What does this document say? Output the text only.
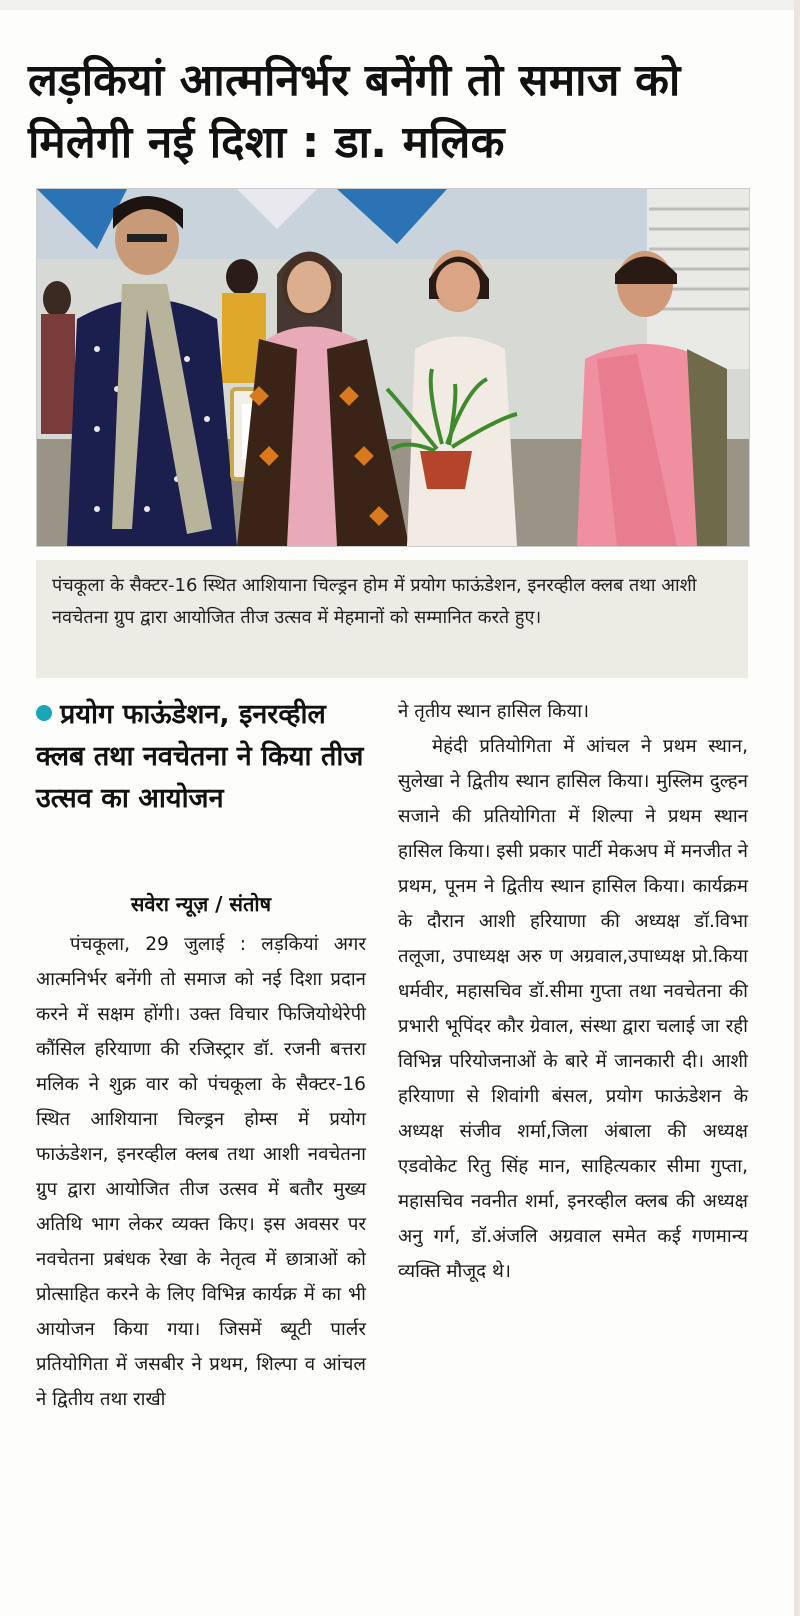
लड़कियां आत्मनिर्भर बनेंगी तो समाज को मिलेगी नई दिशा : डा. मलिक
पंचकूला के सैक्टर-16 स्थित आशियाना चिल्ड्रन होम में प्रयोग फाऊंडेशन, इनरव्हील क्लब तथा आशी नवचेतना ग्रुप द्वारा आयोजित तीज उत्सव में मेहमानों को सम्मानित करते हुए।
प्रयोग फाऊंडेशन, इनरव्हील क्लब तथा नवचेतना ने किया तीज उत्सव का आयोजन
सवेरा न्यूज़ / संतोष
पंचकूला, 29 जुलाई : लड़कियां अगर आत्मनिर्भर बनेंगी तो समाज को नई दिशा प्रदान करने में सक्षम होंगी। उक्त विचार फिजियोथेरेपी कौंसिल हरियाणा की रजिस्ट्रार डॉ. रजनी बत्तरा मलिक ने शुक्र वार को पंचकूला के सैक्टर-16 स्थित आशियाना चिल्ड्रन होम्स में प्रयोग फाऊंडेशन, इनरव्हील क्लब तथा आशी नवचेतना ग्रुप द्वारा आयोजित तीज उत्सव में बतौर मुख्य अतिथि भाग लेकर व्यक्त किए। इस अवसर पर नवचेतना प्रबंधक रेखा के नेतृत्व में छात्राओं को प्रोत्साहित करने के लिए विभिन्न कार्यक्र में का भी आयोजन किया गया। जिसमें ब्यूटी पार्लर प्रतियोगिता में जसबीर ने प्रथम, शिल्पा व आंचल ने द्वितीय तथा राखी

ने तृतीय स्थान हासिल किया।

मेहंदी प्रतियोगिता में आंचल ने प्रथम स्थान, सुलेखा ने द्वितीय स्थान हासिल किया। मुस्लिम दुल्हन सजाने की प्रतियोगिता में शिल्पा ने प्रथम स्थान हासिल किया। इसी प्रकार पार्टी मेकअप में मनजीत ने प्रथम, पूनम ने द्वितीय स्थान हासिल किया। कार्यक्रम के दौरान आशी हरियाणा की अध्यक्ष डॉ.विभा तलूजा, उपाध्यक्ष अरु ण अग्रवाल,उपाध्यक्ष प्रो.किया धर्मवीर, महासचिव डॉ.सीमा गुप्ता तथा नवचेतना की प्रभारी भूपिंदर कौर ग्रेवाल, संस्था द्वारा चलाई जा रही विभिन्न परियोजनाओं के बारे में जानकारी दी। आशी हरियाणा से शिवांगी बंसल, प्रयोग फाऊंडेशन के अध्यक्ष संजीव शर्मा,जिला अंबाला की अध्यक्ष एडवोकेट रितु सिंह मान, साहित्यकार सीमा गुप्ता, महासचिव नवनीत शर्मा, इनरव्हील क्लब की अध्यक्ष अनु गर्ग, डॉ.अंजलि अग्रवाल समेत कई गणमान्य व्यक्ति मौजूद थे।
